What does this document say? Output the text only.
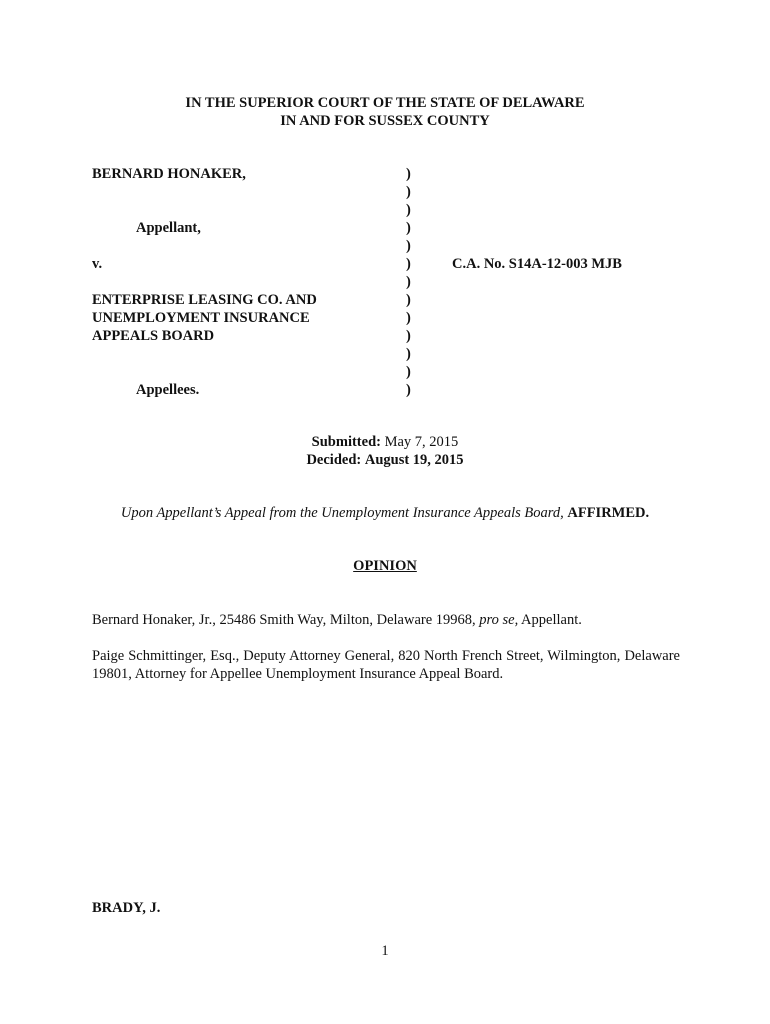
IN THE SUPERIOR COURT OF THE STATE OF DELAWARE
IN AND FOR SUSSEX COUNTY
BERNARD HONAKER,
Appellant,
v.
ENTERPRISE LEASING CO. AND
UNEMPLOYMENT INSURANCE
APPEALS BOARD
Appellees.
)
)
)
)
)
)
)
)
)
)
)
)
)
C.A. No. S14A-12-003 MJB
Submitted: May 7, 2015
Decided: August 19, 2015
Upon Appellant’s Appeal from the Unemployment Insurance Appeals Board, AFFIRMED.
OPINION
Bernard Honaker, Jr., 25486 Smith Way, Milton, Delaware 19968, pro se, Appellant.
Paige Schmittinger, Esq., Deputy Attorney General, 820 North French Street, Wilmington, Delaware 19801, Attorney for Appellee Unemployment Insurance Appeal Board.
BRADY, J.
1
